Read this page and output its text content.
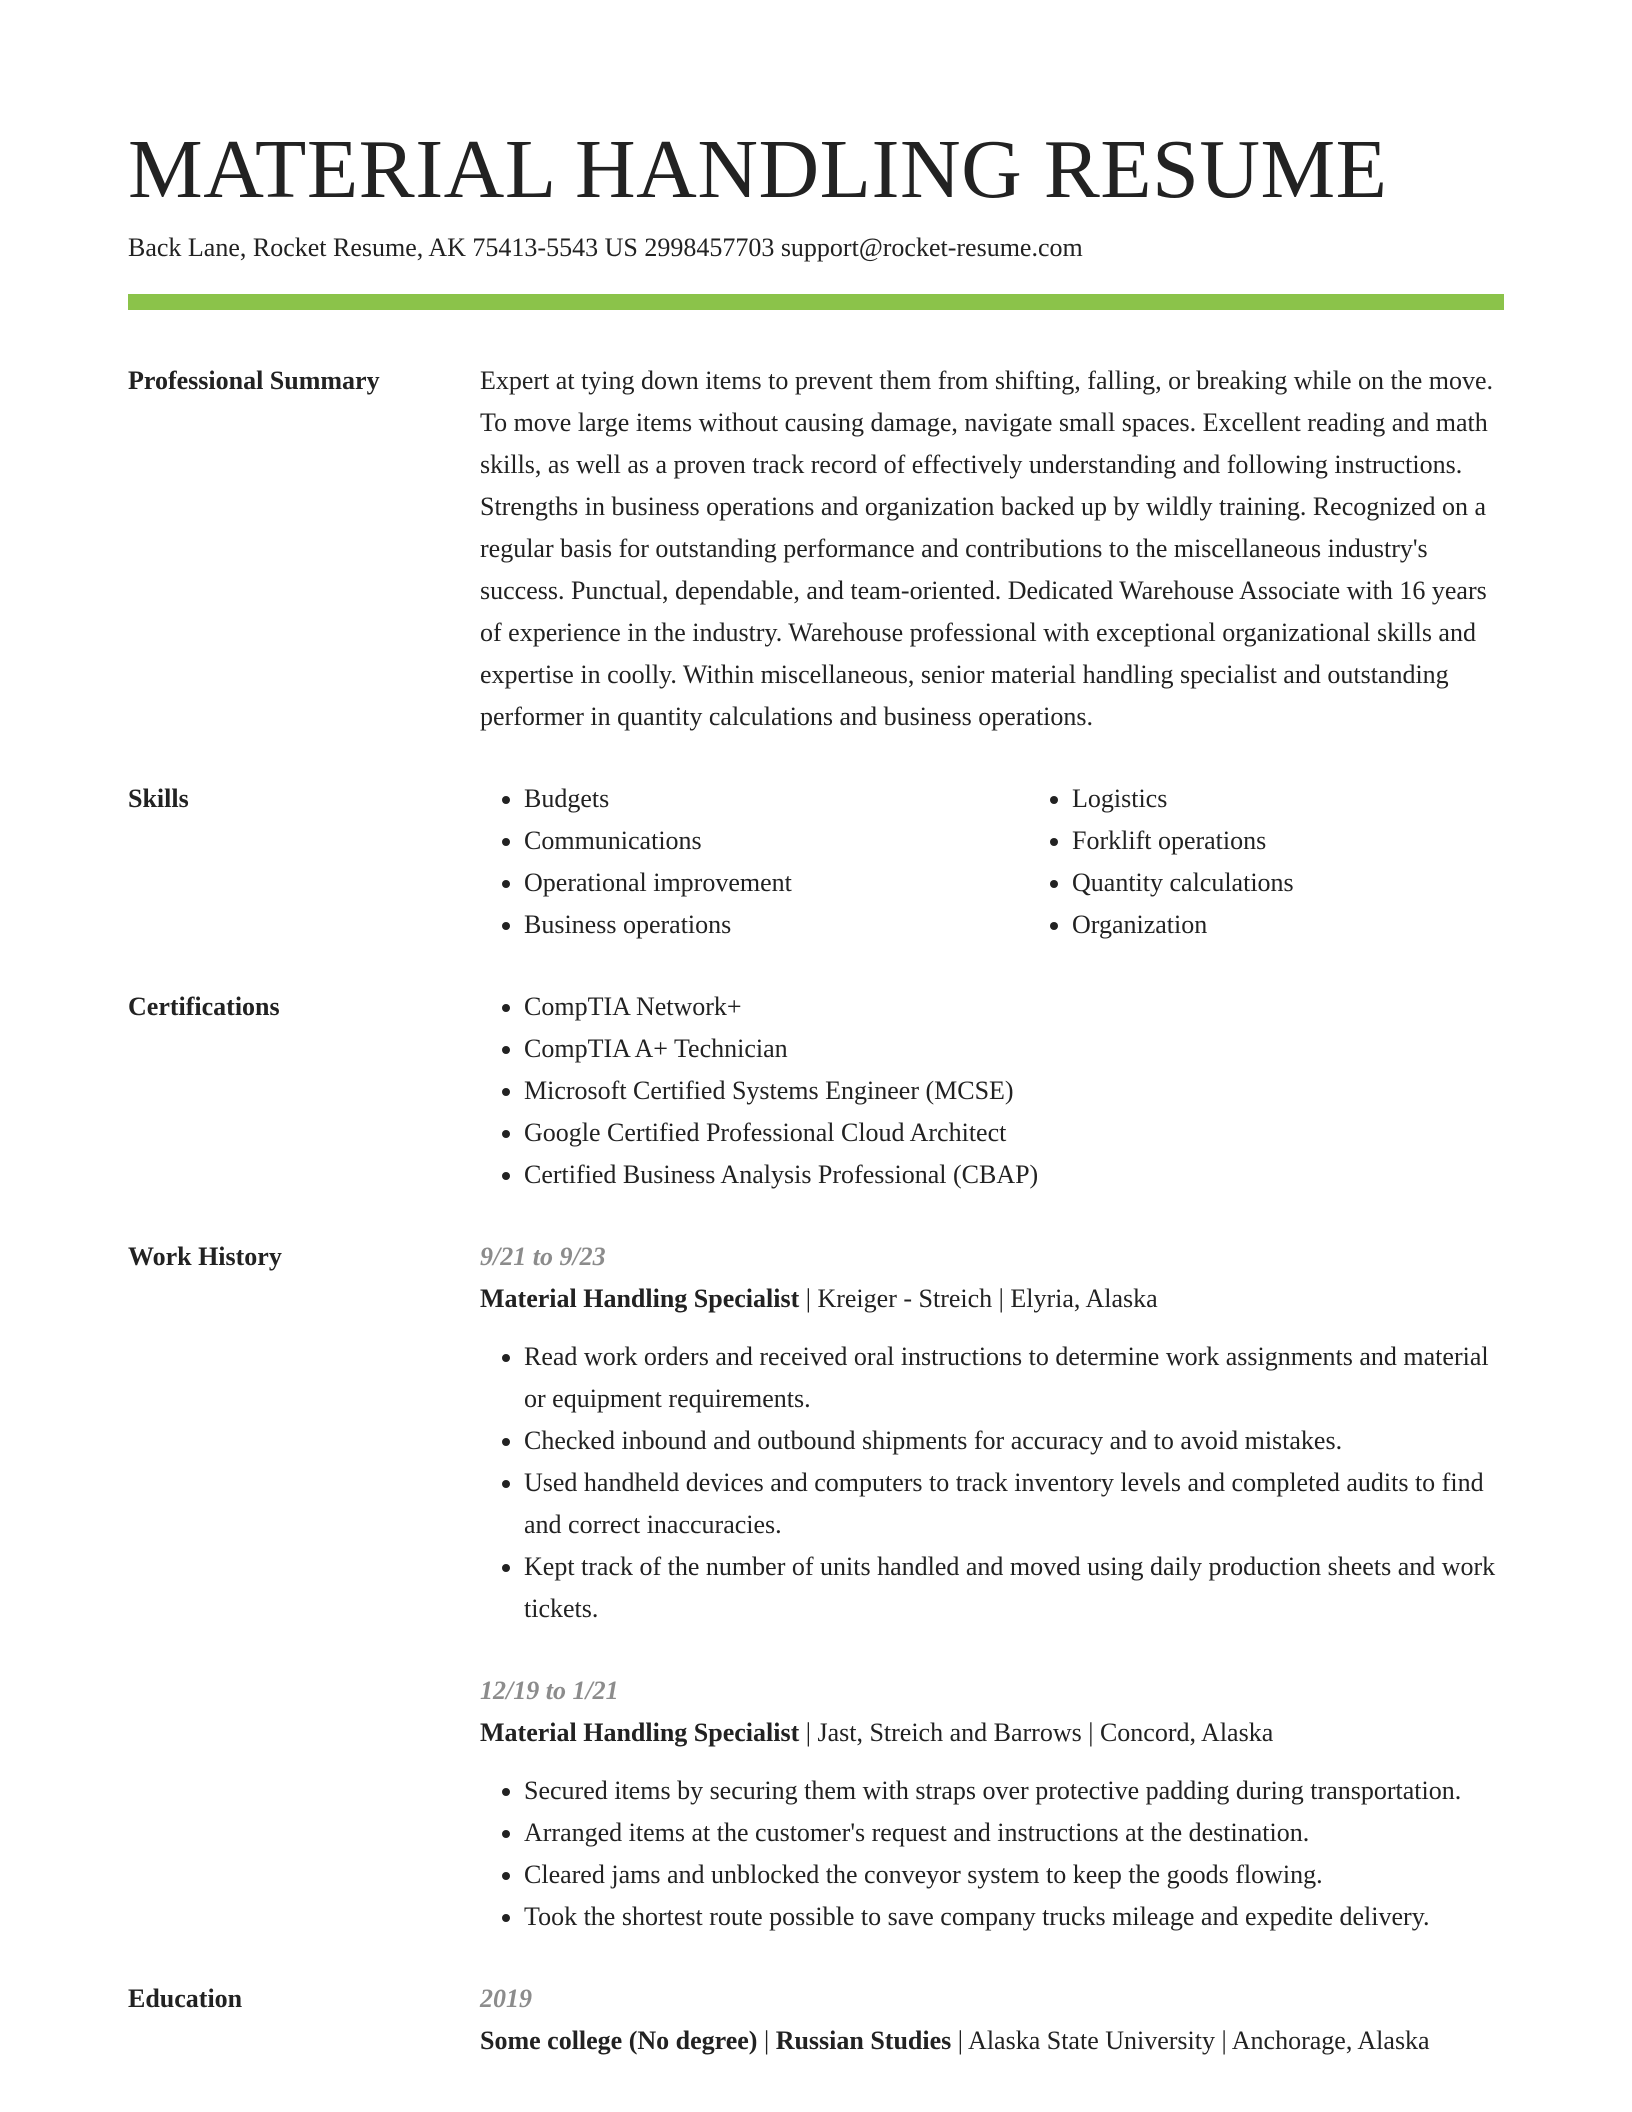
MATERIAL HANDLING RESUME
Back Lane, Rocket Resume, AK 75413-5543 US 2998457703 support@rocket-resume.com
Professional Summary	Expert at tying down items to prevent them from shifting, falling, or breaking while on the move. To move large items without causing damage, navigate small spaces. Excellent reading and math skills, as well as a proven track record of effectively understanding and following instructions. Strengths in business operations and organization backed up by wildly training. Recognized on a regular basis for outstanding performance and contributions to the miscellaneous industry's success. Punctual, dependable, and team-oriented. Dedicated Warehouse Associate with 16 years of experience in the industry. Warehouse professional with exceptional organizational skills and expertise in coolly. Within miscellaneous, senior material handling specialist and outstanding performer in quantity calculations and business operations.

Skills	• Budgets
• Communications
• Operational improvement
• Business operations
• Logistics
• Forklift operations
• Quantity calculations
• Organization
Certifications	• CompTIA Network+
• CompTIA A+ Technician
• Microsoft Certified Systems Engineer (MCSE)
• Google Certified Professional Cloud Architect
• Certified Business Analysis Professional (CBAP)
Work History	9/21 to 9/23
Material Handling Specialist | Kreiger - Streich | Elyria, Alaska
• Read work orders and received oral instructions to determine work assignments and material or equipment requirements.
• Checked inbound and outbound shipments for accuracy and to avoid mistakes.
• Used handheld devices and computers to track inventory levels and completed audits to find and correct inaccuracies.
• Kept track of the number of units handled and moved using daily production sheets and work tickets.
12/19 to 1/21
Material Handling Specialist | Jast, Streich and Barrows | Concord, Alaska
• Secured items by securing them with straps over protective padding during transportation.
• Arranged items at the customer's request and instructions at the destination.
• Cleared jams and unblocked the conveyor system to keep the goods flowing.
• Took the shortest route possible to save company trucks mileage and expedite delivery.
Education	2019
Some college (No degree) | Russian Studies | Alaska State University | Anchorage, Alaska
